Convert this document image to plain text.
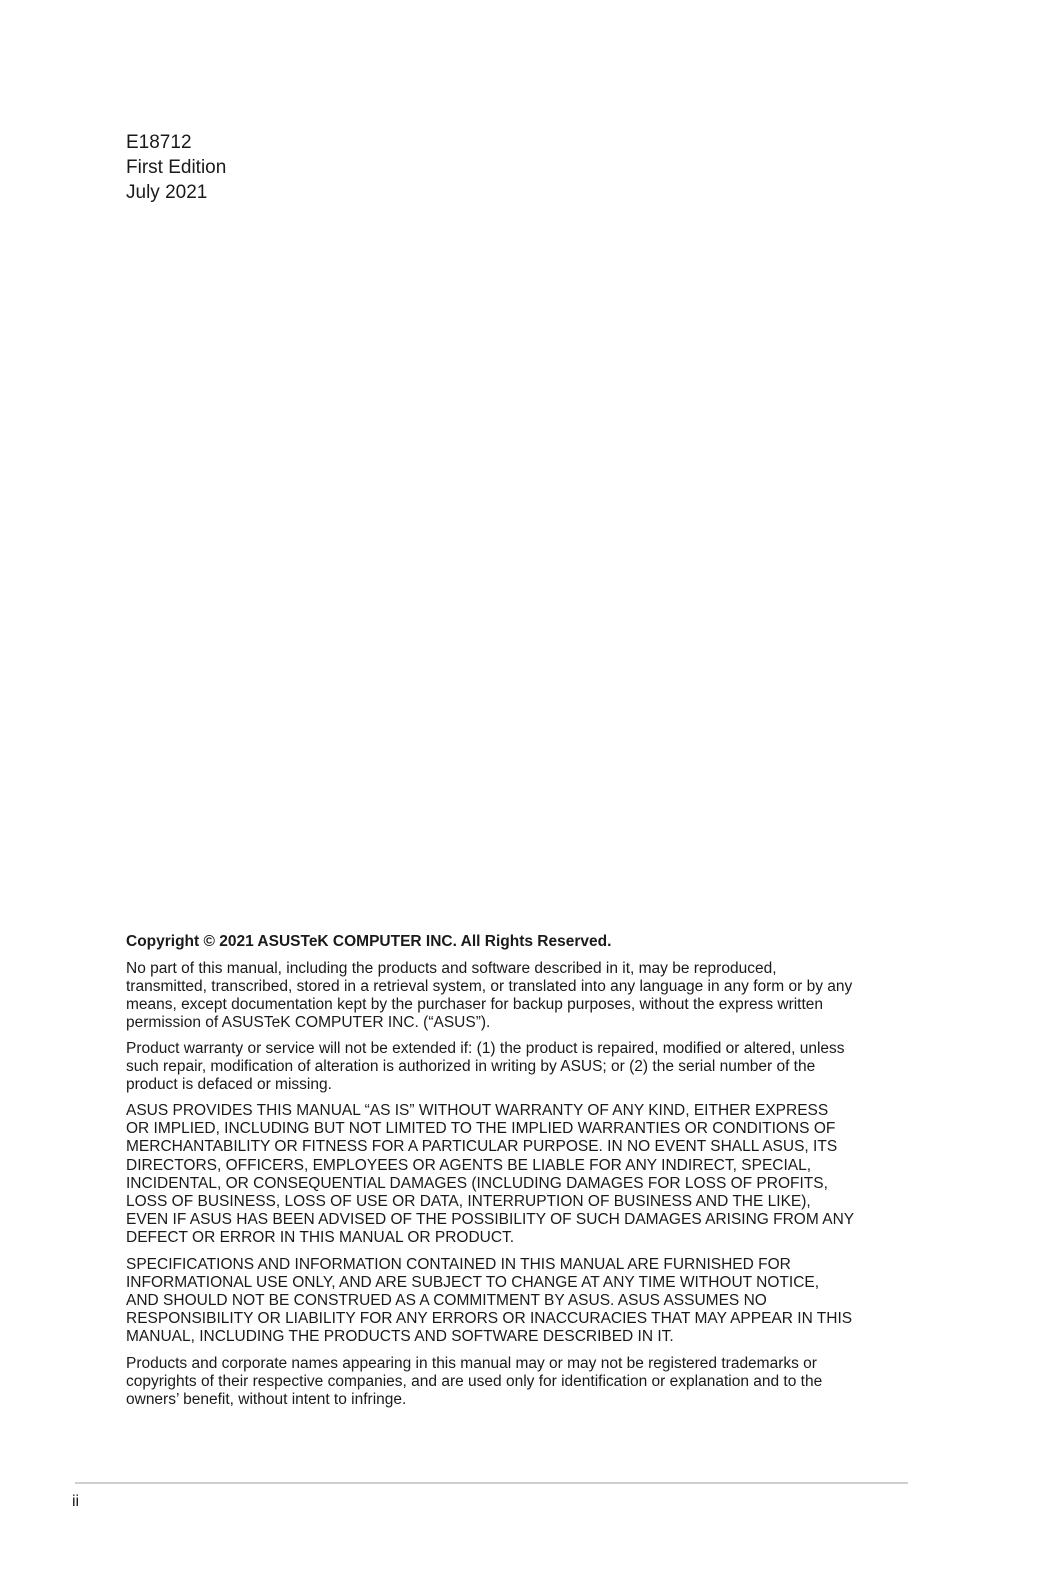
E18712
First Edition
July 2021
Copyright © 2021 ASUSTeK COMPUTER INC. All Rights Reserved.
No part of this manual, including the products and software described in it, may be reproduced,
transmitted, transcribed, stored in a retrieval system, or translated into any language in any form or by any
means, except documentation kept by the purchaser for backup purposes, without the express written
permission of ASUSTeK COMPUTER INC. (“ASUS”).
Product warranty or service will not be extended if: (1) the product is repaired, modified or altered, unless
such repair, modification of alteration is authorized in writing by ASUS; or (2) the serial number of the
product is defaced or missing.
ASUS PROVIDES THIS MANUAL “AS IS” WITHOUT WARRANTY OF ANY KIND, EITHER EXPRESS
OR IMPLIED, INCLUDING BUT NOT LIMITED TO THE IMPLIED WARRANTIES OR CONDITIONS OF
MERCHANTABILITY OR FITNESS FOR A PARTICULAR PURPOSE. IN NO EVENT SHALL ASUS, ITS
DIRECTORS, OFFICERS, EMPLOYEES OR AGENTS BE LIABLE FOR ANY INDIRECT, SPECIAL,
INCIDENTAL, OR CONSEQUENTIAL DAMAGES (INCLUDING DAMAGES FOR LOSS OF PROFITS,
LOSS OF BUSINESS, LOSS OF USE OR DATA, INTERRUPTION OF BUSINESS AND THE LIKE),
EVEN IF ASUS HAS BEEN ADVISED OF THE POSSIBILITY OF SUCH DAMAGES ARISING FROM ANY
DEFECT OR ERROR IN THIS MANUAL OR PRODUCT.
SPECIFICATIONS AND INFORMATION CONTAINED IN THIS MANUAL ARE FURNISHED FOR
INFORMATIONAL USE ONLY, AND ARE SUBJECT TO CHANGE AT ANY TIME WITHOUT NOTICE,
AND SHOULD NOT BE CONSTRUED AS A COMMITMENT BY ASUS. ASUS ASSUMES NO
RESPONSIBILITY OR LIABILITY FOR ANY ERRORS OR INACCURACIES THAT MAY APPEAR IN THIS
MANUAL, INCLUDING THE PRODUCTS AND SOFTWARE DESCRIBED IN IT.
Products and corporate names appearing in this manual may or may not be registered trademarks or
copyrights of their respective companies, and are used only for identification or explanation and to the
owners’ benefit, without intent to infringe.
ii
